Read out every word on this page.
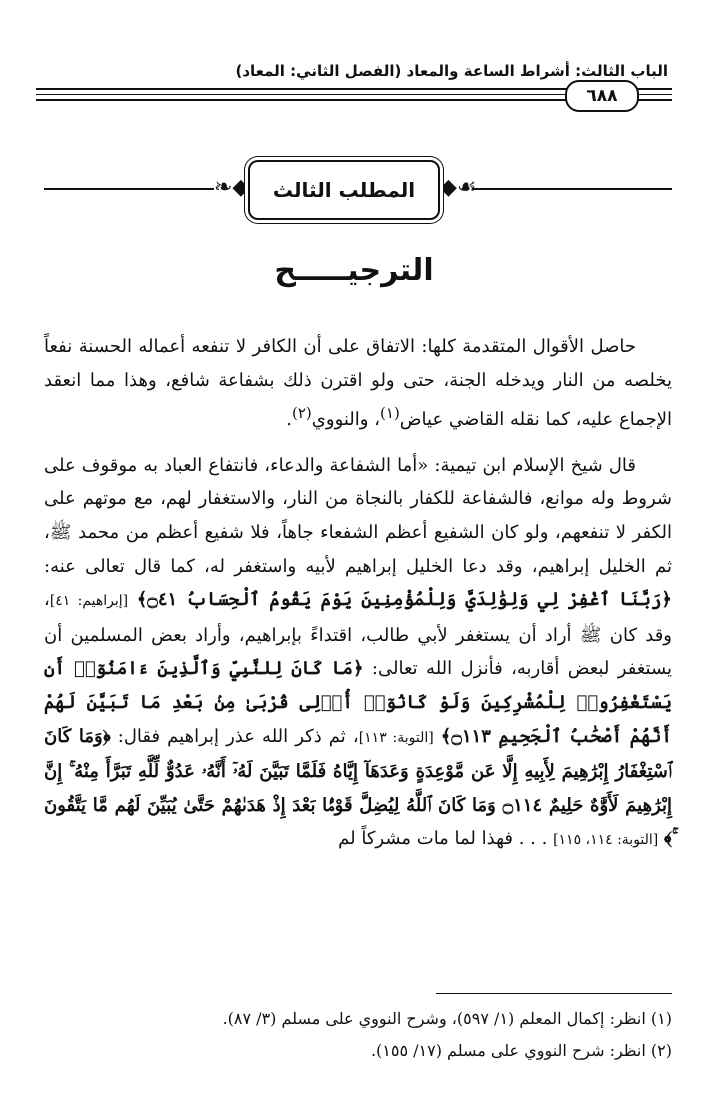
الباب الثالث: أشراط الساعة والمعاد (الفصل الثاني: المعاد)
٦٨٨
❧◆	◆☙
المطلب الثالث
الترجيـــــح

حاصل الأقوال المتقدمة كلها: الاتفاق على أن الكافر لا تنفعه أعماله الحسنة نفعاً يخلصه من النار ويدخله الجنة، حتى ولو اقترن ذلك بشفاعة شافع، وهذا مما انعقد الإجماع عليه، كما نقله القاضي عياض$^{(١)}$، والنووي$^{(٢)}$.

قال شيخ الإسلام ابن تيمية: «أما الشفاعة والدعاء، فانتفاع العباد به موقوف على شروط وله موانع، فالشفاعة للكفار بالنجاة من النار، والاستغفار لهم، مع موتهم على الكفر لا تنفعهم، ولو كان الشفيع أعظم الشفعاء جاهاً، فلا شفيع أعظم من محمد ﷺ، ثم الخليل إبراهيم، وقد دعا الخليل إبراهيم لأبيه واستغفر له، كما قال تعالى عنه: ﴿رَبَّنَا ٱغْفِرْ لِي وَلِوَٰلِدَيَّ وَلِلْمُؤْمِنِينَ يَوْمَ يَقُومُ ٱلْحِسَابُ ۝٤١﴾ [إبراهيم: ٤١]، وقد كان ﷺ أراد أن يستغفر لأبي طالب، اقتداءً بإبراهيم، وأراد بعض المسلمين أن يستغفر لبعض أقاربه، فأنزل الله تعالى: ﴿مَا كَانَ لِلنَّبِيِّ وَٱلَّذِينَ ءَامَنُوٓا۟ أَن يَسْتَغْفِرُوا۟ لِلْمُشْرِكِينَ وَلَوْ كَانُوٓا۟ أُو۟لِى قُرْبَىٰ مِنۢ بَعْدِ مَا تَبَيَّنَ لَهُمْ أَنَّهُمْ أَصْحَٰبُ ٱلْجَحِيمِ ۝١١٣﴾ [التوبة: ١١٣]، ثم ذكر الله عذر إبراهيم فقال: ﴿وَمَا كَانَ ٱسْتِغْفَارُ إِبْرَٰهِيمَ لِأَبِيهِ إِلَّا عَن مَّوْعِدَةٍ وَعَدَهَآ إِيَّاهُ فَلَمَّا تَبَيَّنَ لَهُۥٓ أَنَّهُۥ عَدُوٌّ لِّلَّهِ تَبَرَّأَ مِنْهُ ۚ إِنَّ إِبْرَٰهِيمَ لَأَوَّٰهٌ حَلِيمٌ ۝١١٤ وَمَا كَانَ ٱللَّهُ لِيُضِلَّ قَوْمًۢا بَعْدَ إِذْ هَدَىٰهُمْ حَتَّىٰ يُبَيِّنَ لَهُم مَّا يَتَّقُونَ ۚ﴾ [التوبة: ١١٤، ١١٥] . . . فهذا لما مات مشركاً لم

(١) انظر: إكمال المعلم (١/ ٥٩٧)، وشرح النووي على مسلم (٣/ ٨٧).
(٢) انظر: شرح النووي على مسلم (١٧/ ١٥٥).
